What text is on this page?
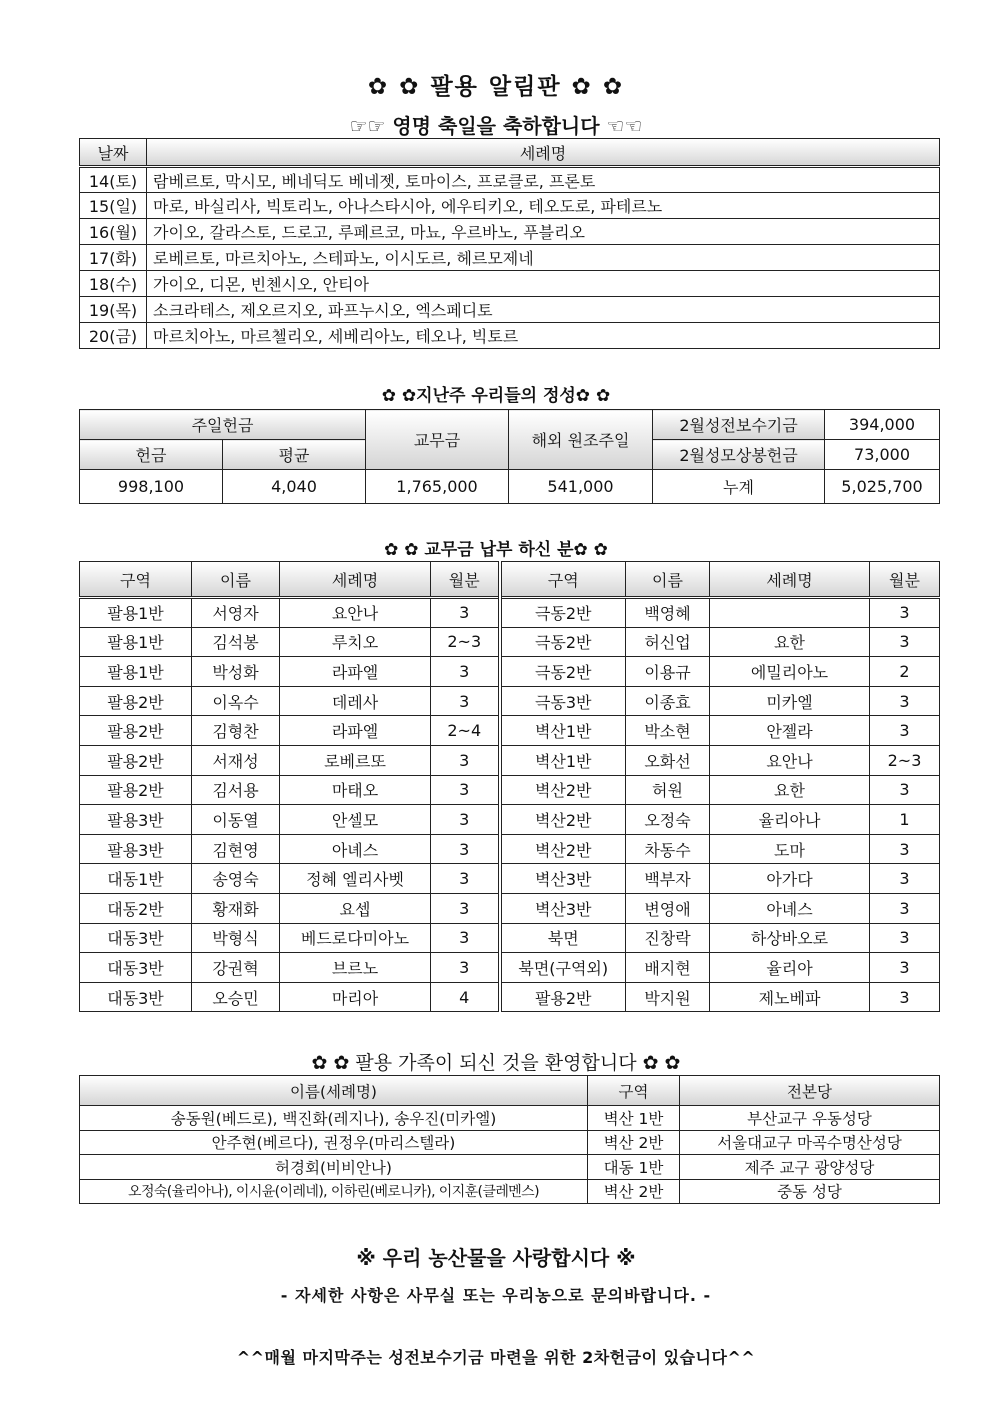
✿ ✿ 팔용 알림판 ✿ ✿
☞☞ 영명 축일을 축하합니다 ☜☜
날짜	세례명
14(토)	람베르토, 막시모, 베네딕도 베네젯, 토마이스, 프로클로, 프론토
15(일)	마로, 바실리사, 빅토리노, 아나스타시아, 에우티키오, 테오도로, 파테르노
16(월)	가이오, 갈라스토, 드로고, 루페르코, 마뇨, 우르바노, 푸블리오
17(화)	로베르토, 마르치아노, 스테파노, 이시도르, 헤르모제네
18(수)	가이오, 디몬, 빈첸시오, 안티아
19(목)	소크라테스, 제오르지오, 파프누시오, 엑스페디토
20(금)	마르치아노, 마르첼리오, 세베리아노, 테오나, 빅토르
✿ ✿지난주 우리들의 정성✿ ✿
주일헌금		교무금	해외 원조주일	2월성전보수기금	394,000
헌금	평균			2월성모상봉헌금	73,000
998,100	4,040	1,765,000	541,000	누계	5,025,700
✿ ✿ 교무금 납부 하신 분✿ ✿
구역	이름	세례명	월분	구역	이름	세례명	월분
팔용1반	서영자	요안나	3	극동2반	백영혜		3
팔용1반	김석봉	루치오	2~3	극동2반	허신업	요한	3
팔용1반	박성화	라파엘	3	극동2반	이용규	에밀리아노	2
팔용2반	이옥수	데레사	3	극동3반	이종효	미카엘	3
팔용2반	김형찬	라파엘	2~4	벽산1반	박소현	안젤라	3
팔용2반	서재성	로베르또	3	벽산1반	오화선	요안나	2~3
팔용2반	김서용	마태오	3	벽산2반	허원	요한	3
팔용3반	이동열	안셀모	3	벽산2반	오정숙	율리아나	1
팔용3반	김현영	아녜스	3	벽산2반	차동수	도마	3
대동1반	송영숙	정혜 엘리사벳	3	벽산3반	백부자	아가다	3
대동2반	황재화	요셉	3	벽산3반	변영애	아녜스	3
대동3반	박형식	베드로다미아노	3	북면	진창락	하상바오로	3
대동3반	강권혁	브르노	3	북면(구역외)	배지현	율리아	3
대동3반	오승민	마리아	4	팔용2반	박지원	제노베파	3
✿ ✿ 팔용 가족이 되신 것을 환영합니다 ✿ ✿
이름(세례명)	구역	전본당
송동원(베드로), 백진화(레지나), 송우진(미카엘)	벽산 1반	부산교구 우동성당
안주현(베르다), 권정우(마리스텔라)	벽산 2반	서울대교구 마곡수명산성당
허경회(비비안나)	대동 1반	제주 교구 광양성당
오정숙(율리아나), 이시윤(이레네), 이하린(베로니카), 이지훈(클레멘스)	벽산 2반	중동 성당
※ 우리 농산물을 사랑합시다 ※
- 자세한 사항은 사무실 또는 우리농으로 문의바랍니다. -
^^매월 마지막주는 성전보수기금 마련을 위한 2차헌금이 있습니다^^
